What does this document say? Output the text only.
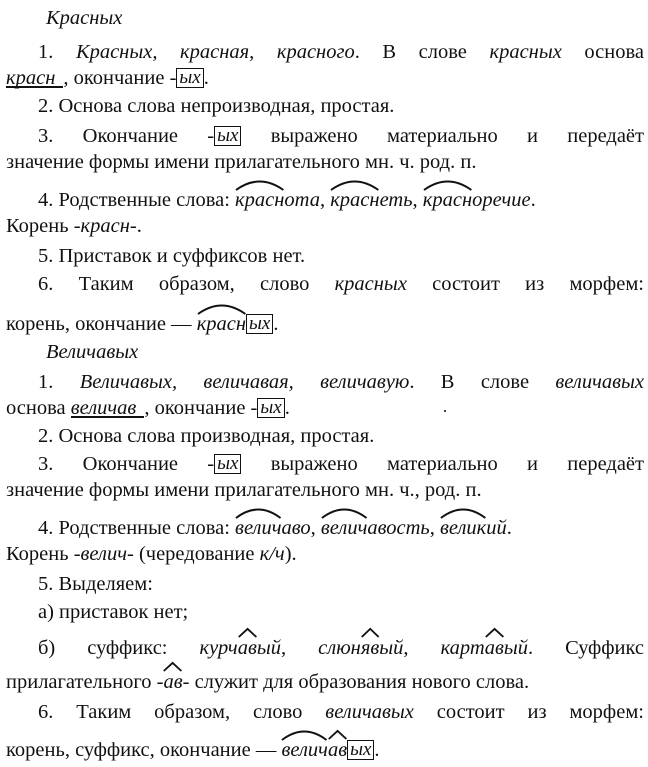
Красных
1. Красных, красная, красного. В слове красных основа
красн , окончание - ых .
2. Основа слова непроизводная, простая.
3. Окончание - ых выражено материально и передаёт
значение формы имени прилагательного мн. ч. род. п.
4. Родственные слова:
краснота,
краснеть,
красноречие.
Корень -красн-.
5. Приставок и суффиксов нет.
6. Таким образом, слово красных состоит из морфем:
корень, окончание —
красн ых .
Величавых
1. Величавых, величавая, величавую. В слове величавых
основа величав , окончание - ых .
2. Основа слова производная, простая.
3. Окончание - ых выражено материально и передаёт
значение формы имени прилагательного мн. ч., род. п.
4. Родственные слова:
величаво,
величавость,
великий.
Корень -велич- (чередование к/ч).
5. Выделяем:
а) приставок нет;
б) суффикс: курч
авый, слюн
явый, карт
авый. Суффикс
прилагательного -
ав- служит для образования нового слова.
6. Таким образом, слово величавых состоит из морфем:
корень, суффикс, окончание —
велич
ав ых .
